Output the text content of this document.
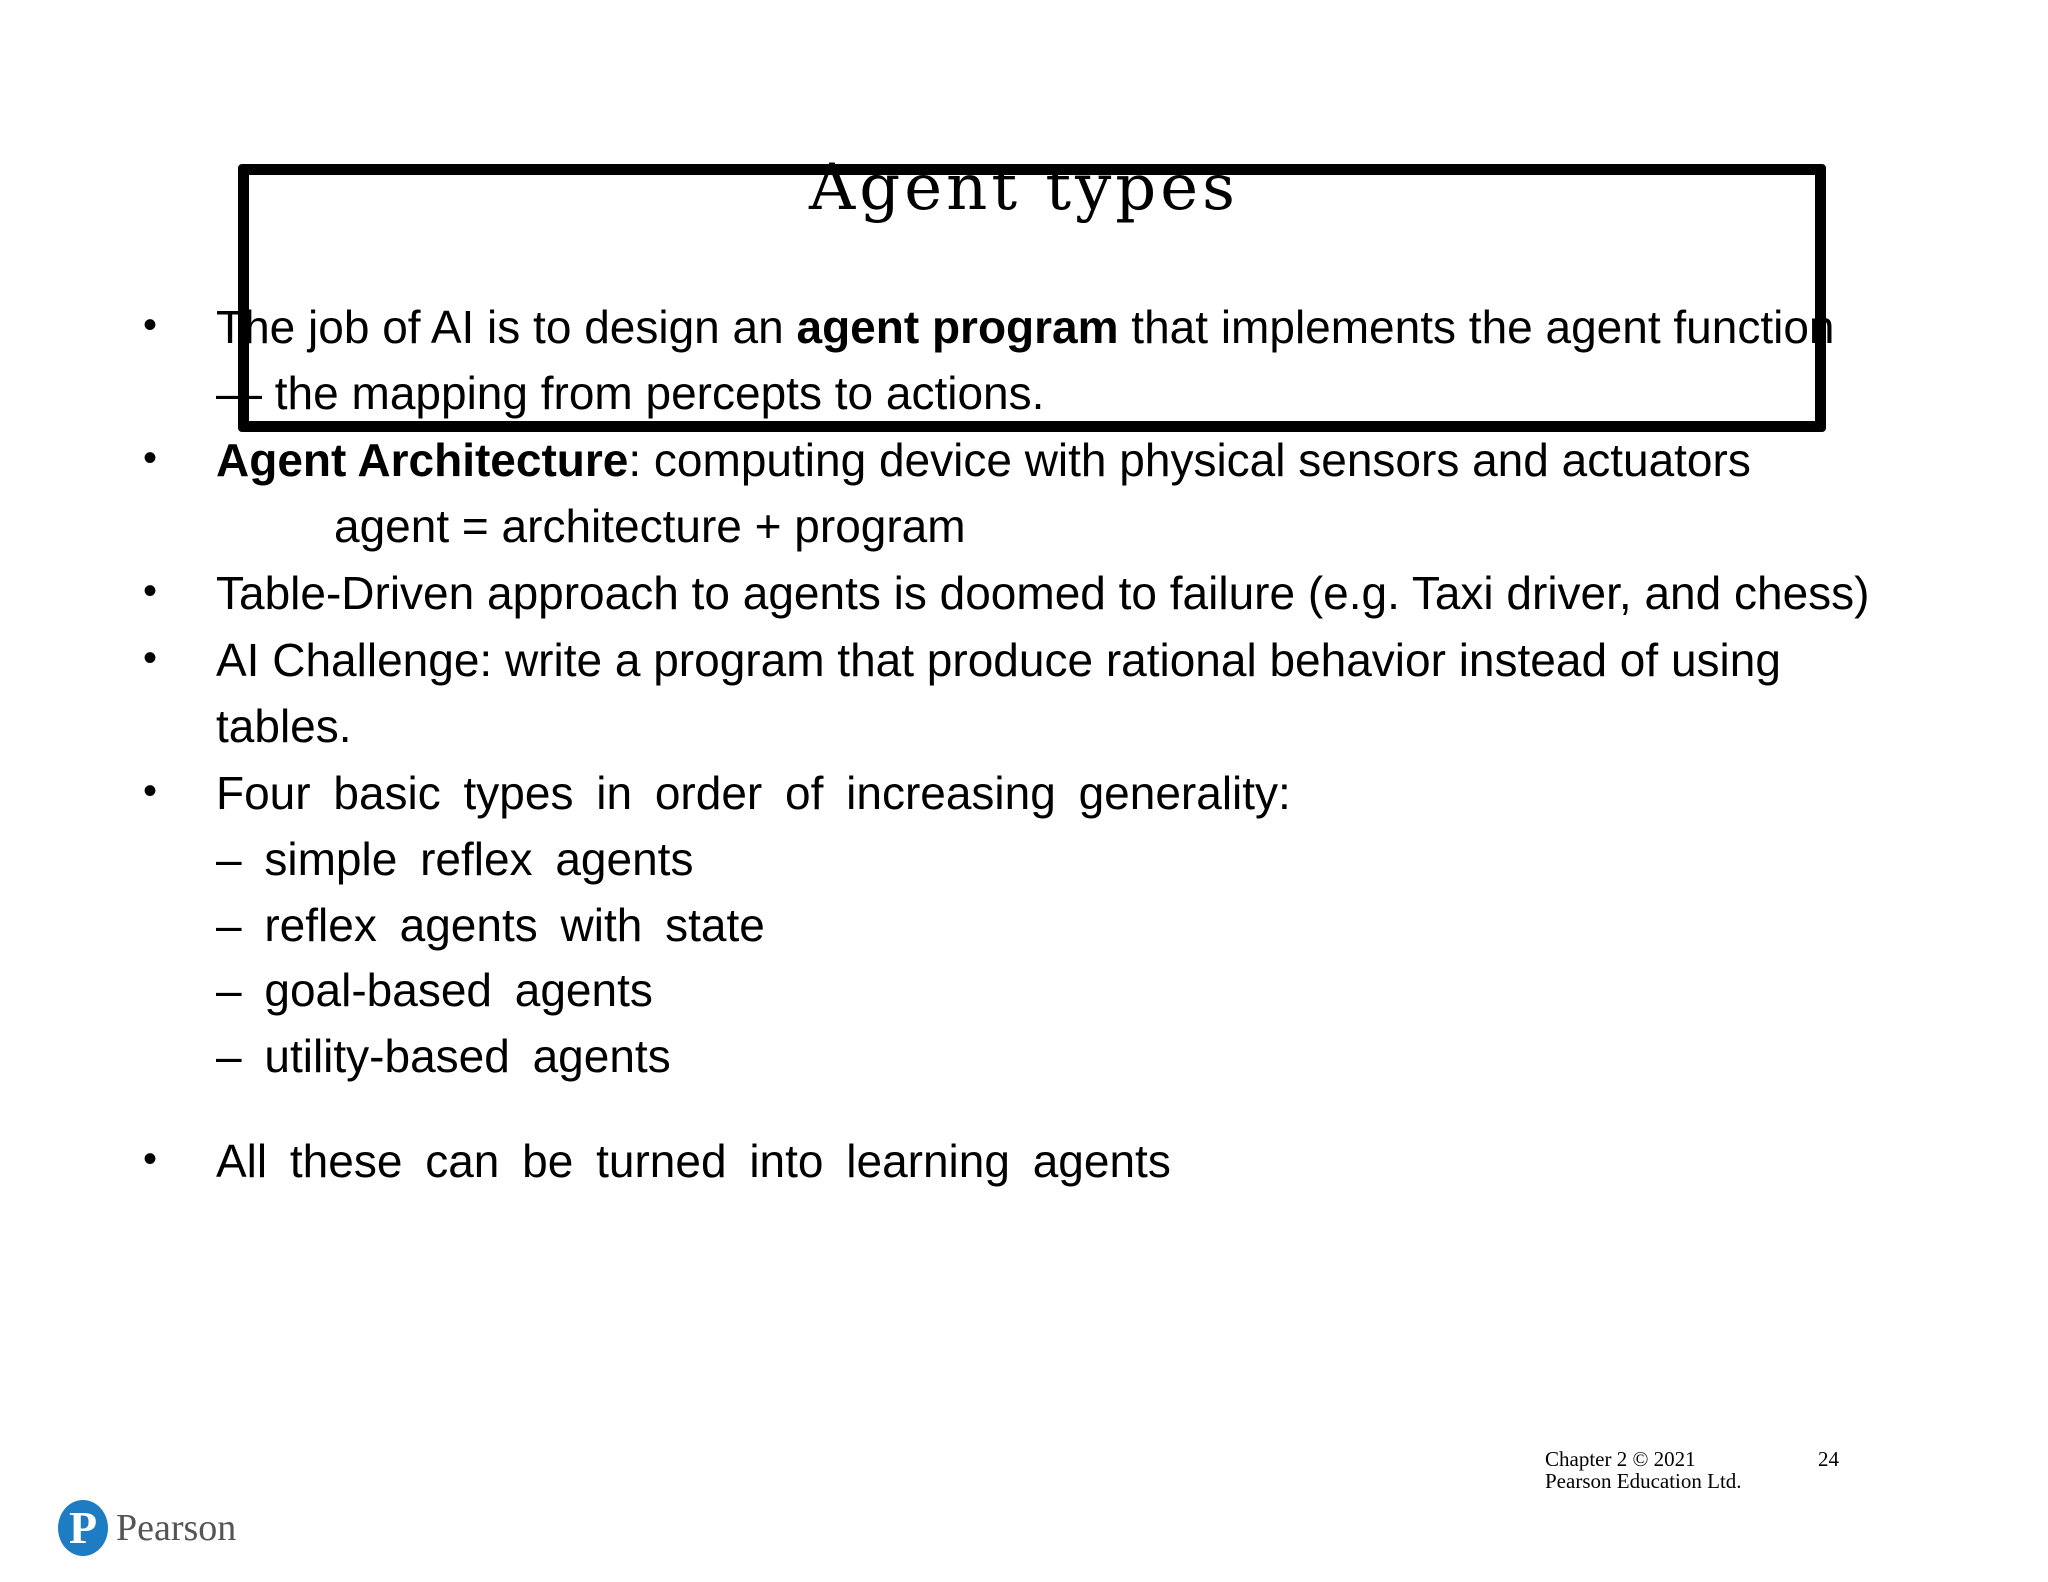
Agent types
• The job of AI is to design an agent program that implements the agent function
— the mapping from percepts to actions.
• Agent Architecture: computing device with physical sensors and actuators
agent = architecture + program
• Table-Driven approach to agents is doomed to failure (e.g. Taxi driver, and chess)
• AI Challenge: write a program that produce rational behavior instead of using
tables.
• Four basic types in order of increasing generality:
– simple reflex agents
– reflex agents with state
– goal-based agents
– utility-based agents
• All these can be turned into learning agents
Chapter 2 © 2021
Pearson Education Ltd.
24
P Pearson
